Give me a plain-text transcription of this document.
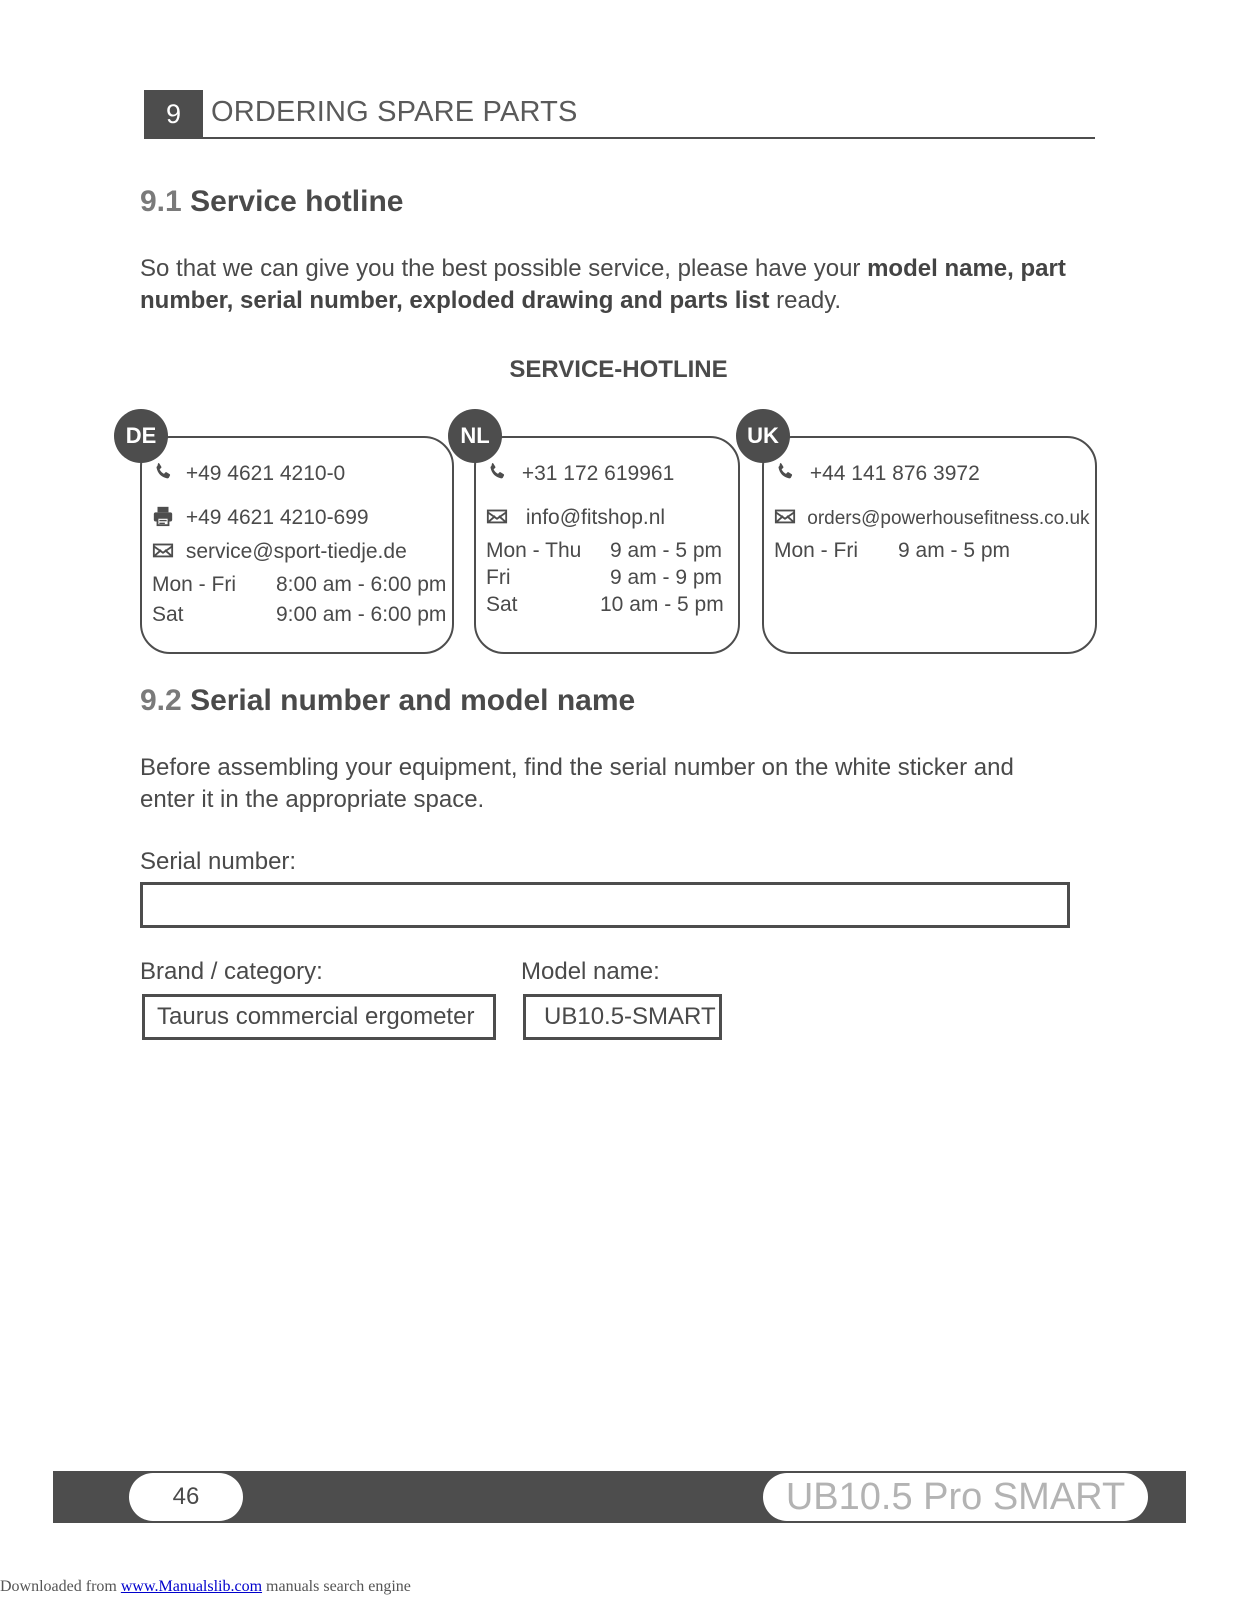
9	ORDERING SPARE PARTS
9.1 Service hotline
So that we can give you the best possible service, please have your model name, part number, serial number, exploded drawing and parts list ready.
SERVICE-HOTLINE
DE
+49 4621 4210-0
+49 4621 4210-699
service@sport-tiedje.de
Mon - Fri 8:00 am - 6:00 pm
Sat	9:00 am - 6:00 pm
NL
+31 172 619961
info@fitshop.nl
Mon - Thu 9 am - 5 pm
Fri	9 am - 9 pm
Sat	10 am - 5 pm
UK
+44 141 876 3972
orders@powerhousefitness.co.uk
Mon - Fri 9 am - 5 pm
9.2 Serial number and model name
Before assembling your equipment, find the serial number on the white sticker and
enter it in the appropriate space.
Serial number:
Brand / category:
Taurus commercial ergometer
Model name:
UB10.5-SMART
46	UB10.5 Pro SMART
Downloaded from www.Manualslib.com manuals search engine
